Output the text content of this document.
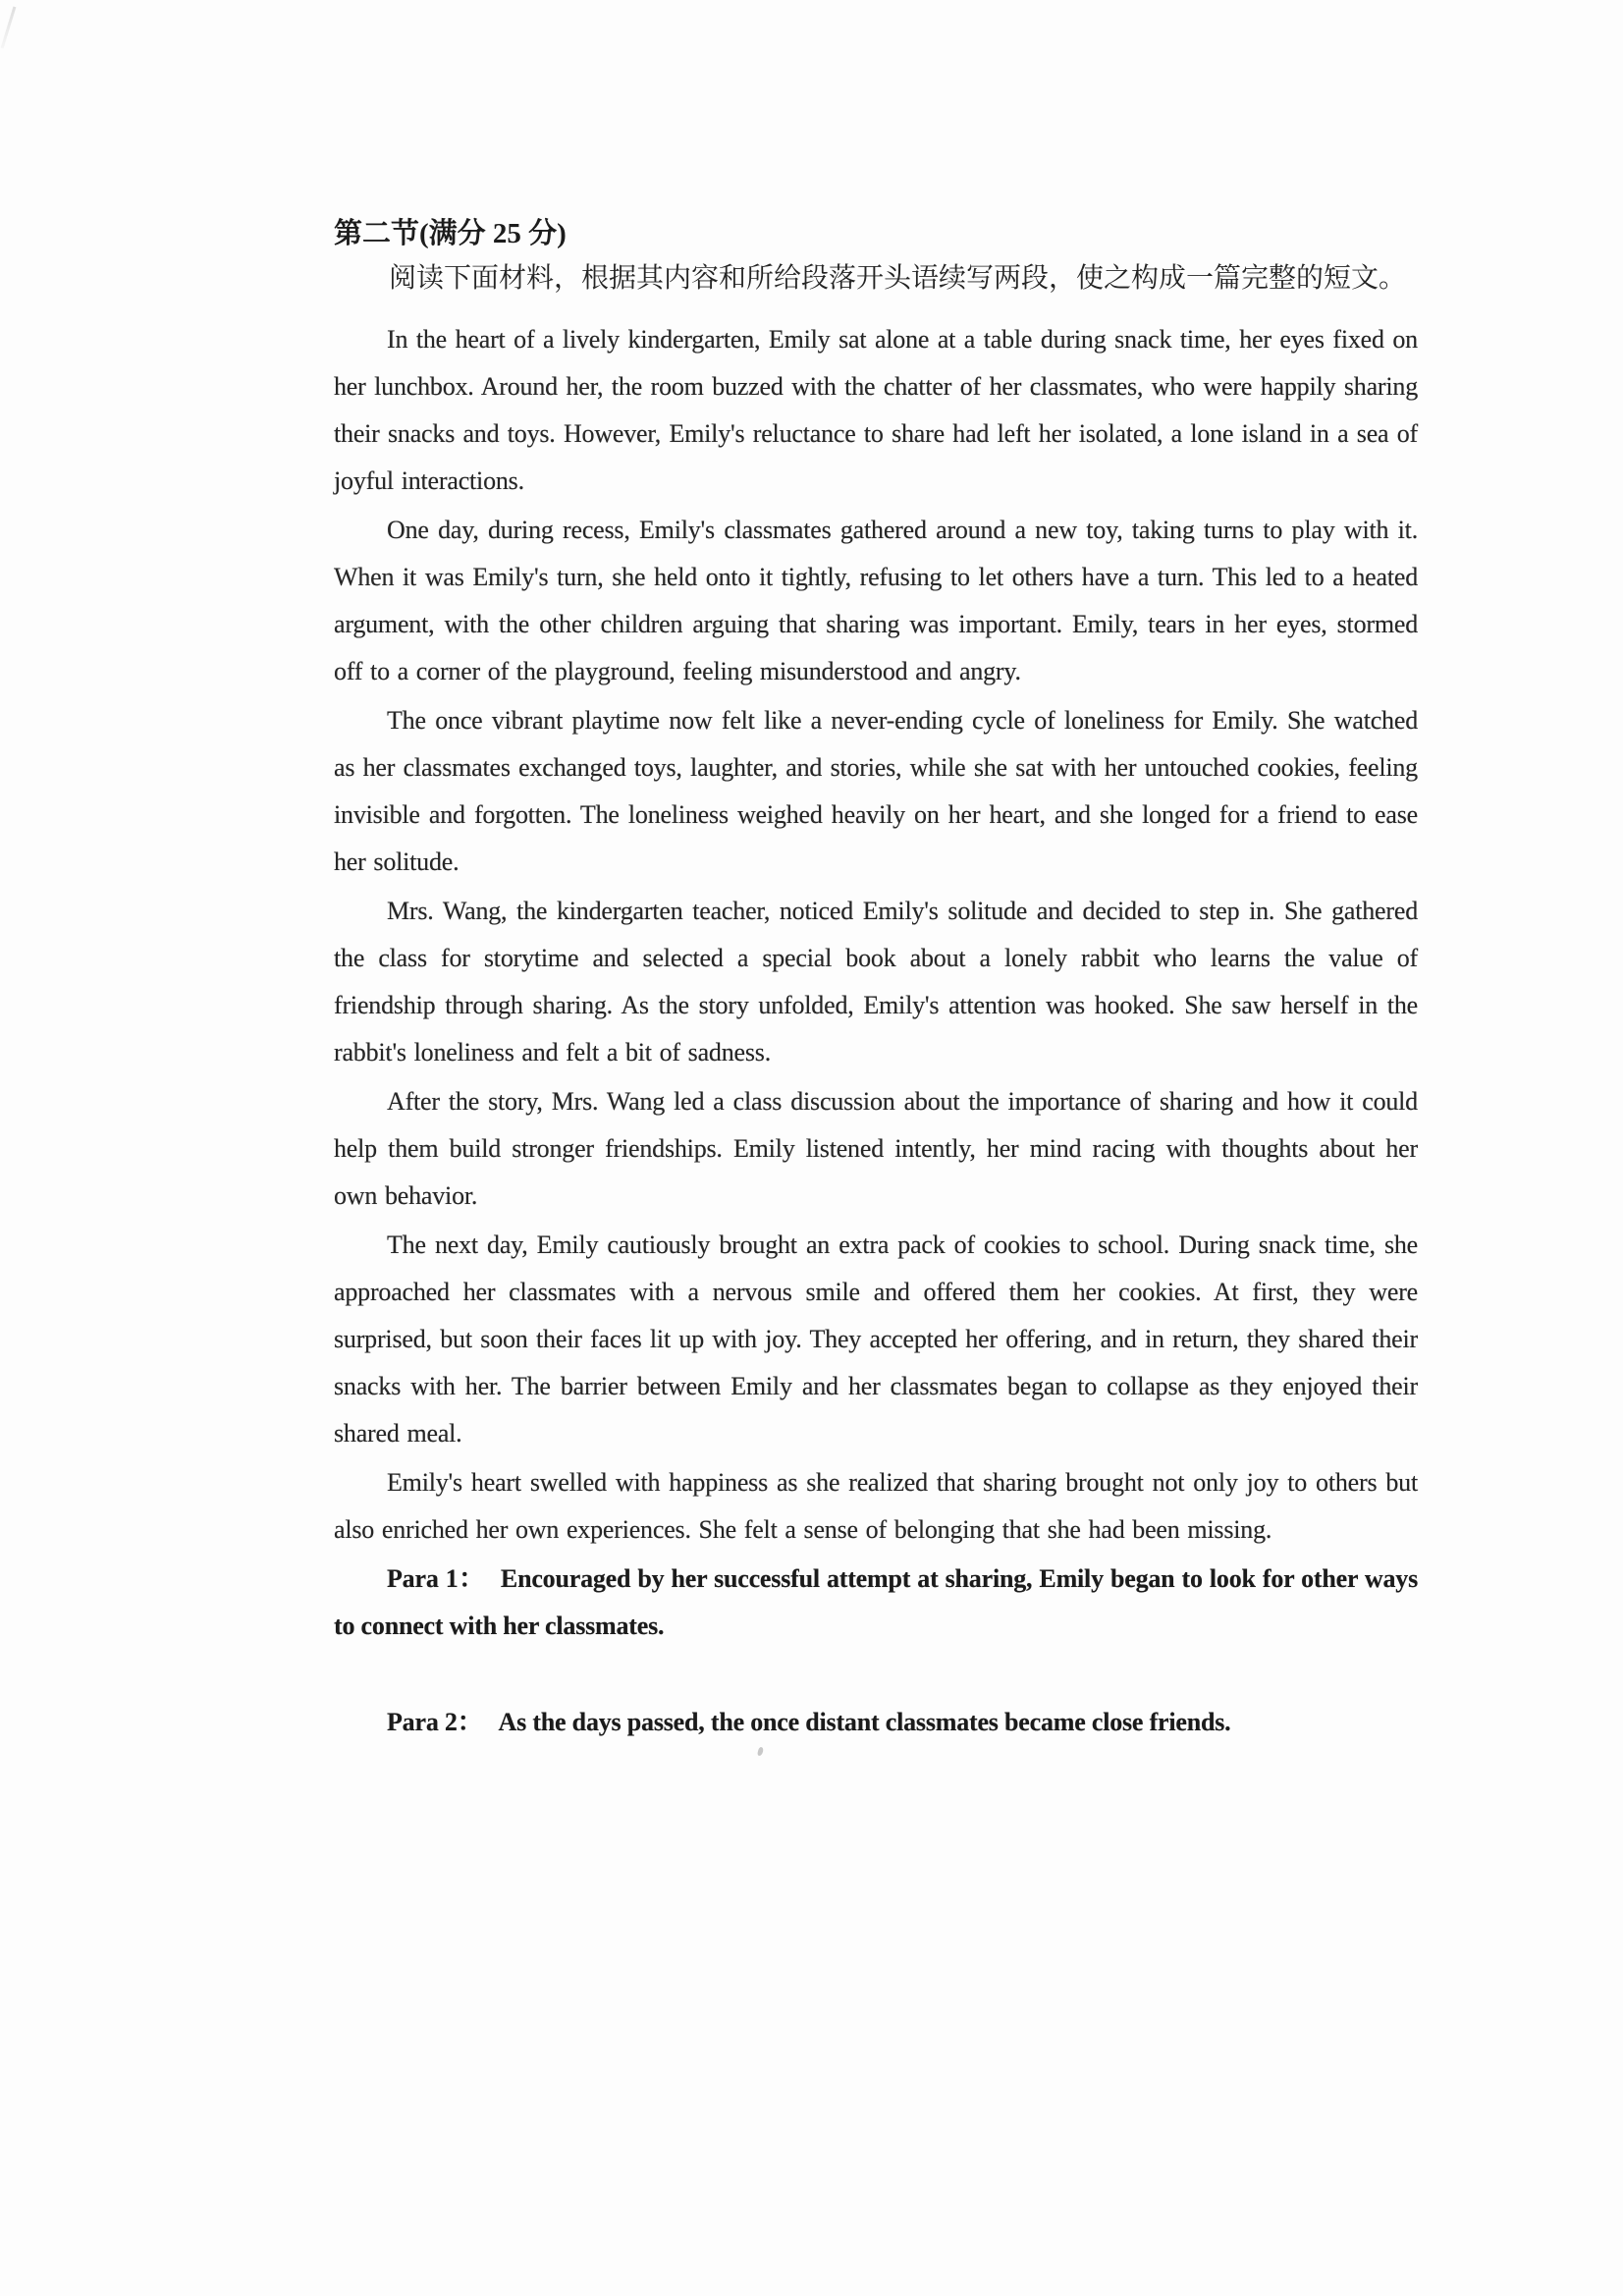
第二节(满分 25 分)

阅读下面材料，根据其内容和所给段落开头语续写两段，使之构成一篇完整的短文。

In the heart of a lively kindergarten, Emily sat alone at a table during snack time, her eyes fixed on her lunchbox. Around her, the room buzzed with the chatter of her classmates, who were happily sharing their snacks and toys. However, Emily's reluctance to share had left her isolated, a lone island in a sea of joyful interactions.

One day, during recess, Emily's classmates gathered around a new toy, taking turns to play with it. When it was Emily's turn, she held onto it tightly, refusing to let others have a turn. This led to a heated argument, with the other children arguing that sharing was important. Emily, tears in her eyes, stormed off to a corner of the playground, feeling misunderstood and angry.

The once vibrant playtime now felt like a never-ending cycle of loneliness for Emily. She watched as her classmates exchanged toys, laughter, and stories, while she sat with her untouched cookies, feeling invisible and forgotten. The loneliness weighed heavily on her heart, and she longed for a friend to ease her solitude.

Mrs. Wang, the kindergarten teacher, noticed Emily's solitude and decided to step in. She gathered the class for storytime and selected a special book about a lonely rabbit who learns the value of friendship through sharing. As the story unfolded, Emily's attention was hooked. She saw herself in the rabbit's loneliness and felt a bit of sadness.

After the story, Mrs. Wang led a class discussion about the importance of sharing and how it could help them build stronger friendships. Emily listened intently, her mind racing with thoughts about her own behavior.

The next day, Emily cautiously brought an extra pack of cookies to school. During snack time, she approached her classmates with a nervous smile and offered them her cookies. At first, they were surprised, but soon their faces lit up with joy. They accepted her offering, and in return, they shared their snacks with her. The barrier between Emily and her classmates began to collapse as they enjoyed their shared meal.

Emily's heart swelled with happiness as she realized that sharing brought not only joy to others but also enriched her own experiences. She felt a sense of belonging that she had been missing.

Para 1： Encouraged by her successful attempt at sharing, Emily began to look for other ways to connect with her classmates.

Para 2： As the days passed, the once distant classmates became close friends.
